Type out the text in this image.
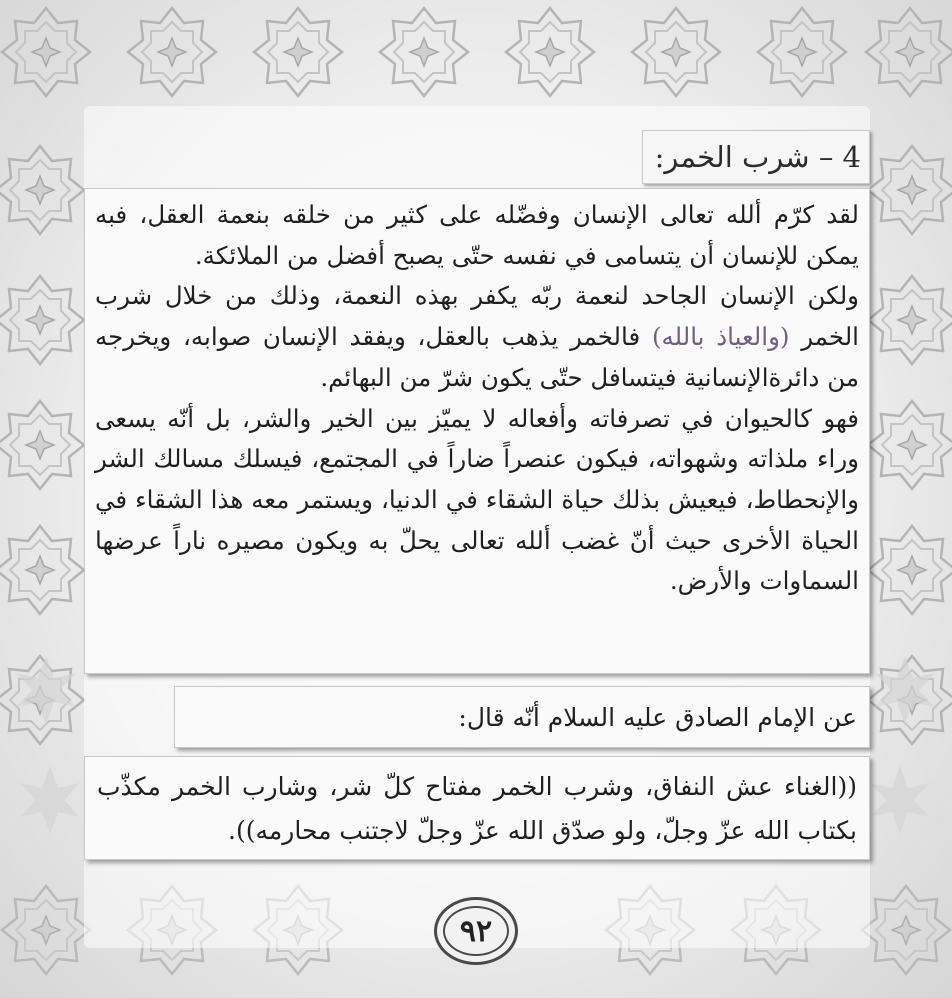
4 – شرب الخمر:

لقد كرّم ألله تعالى الإنسان وفضّله على كثير من خلقه بنعمة العقل، فبه يمكن للإنسان أن يتسامى في نفسه حتّى يصبح أفضل من الملائكة.

ولكن الإنسان الجاحد لنعمة ربّه يكفر بهذه النعمة، وذلك من خلال شرب الخمر (والعياذ بالله) فالخمر يذهب بالعقل، ويفقد الإنسان صوابه، ويخرجه من دائرةالإنسانية فيتسافل حتّى يكون شرّ من البهائم.

فهو كالحيوان في تصرفاته وأفعاله لا يميّز بين الخير والشر، بل أنّه يسعى وراء ملذاته وشهواته، فيكون عنصراً ضاراً في المجتمع، فيسلك مسالك الشر والإنحطاط، فيعيش بذلك حياة الشقاء في الدنيا، ويستمر معه هذا الشقاء في الحياة الأخرى حيث أنّ غضب ألله تعالى يحلّ به ويكون مصيره ناراً عرضها السماوات والأرض.

عن الإمام الصادق عليه السلام أنّه قال:

((الغناء عش النفاق، وشرب الخمر مفتاح كلّ شر، وشارب الخمر مكذّب بكتاب الله عزّ وجلّ، ولو صدّق الله عزّ وجلّ لاجتنب محارمه)).

٩٢
